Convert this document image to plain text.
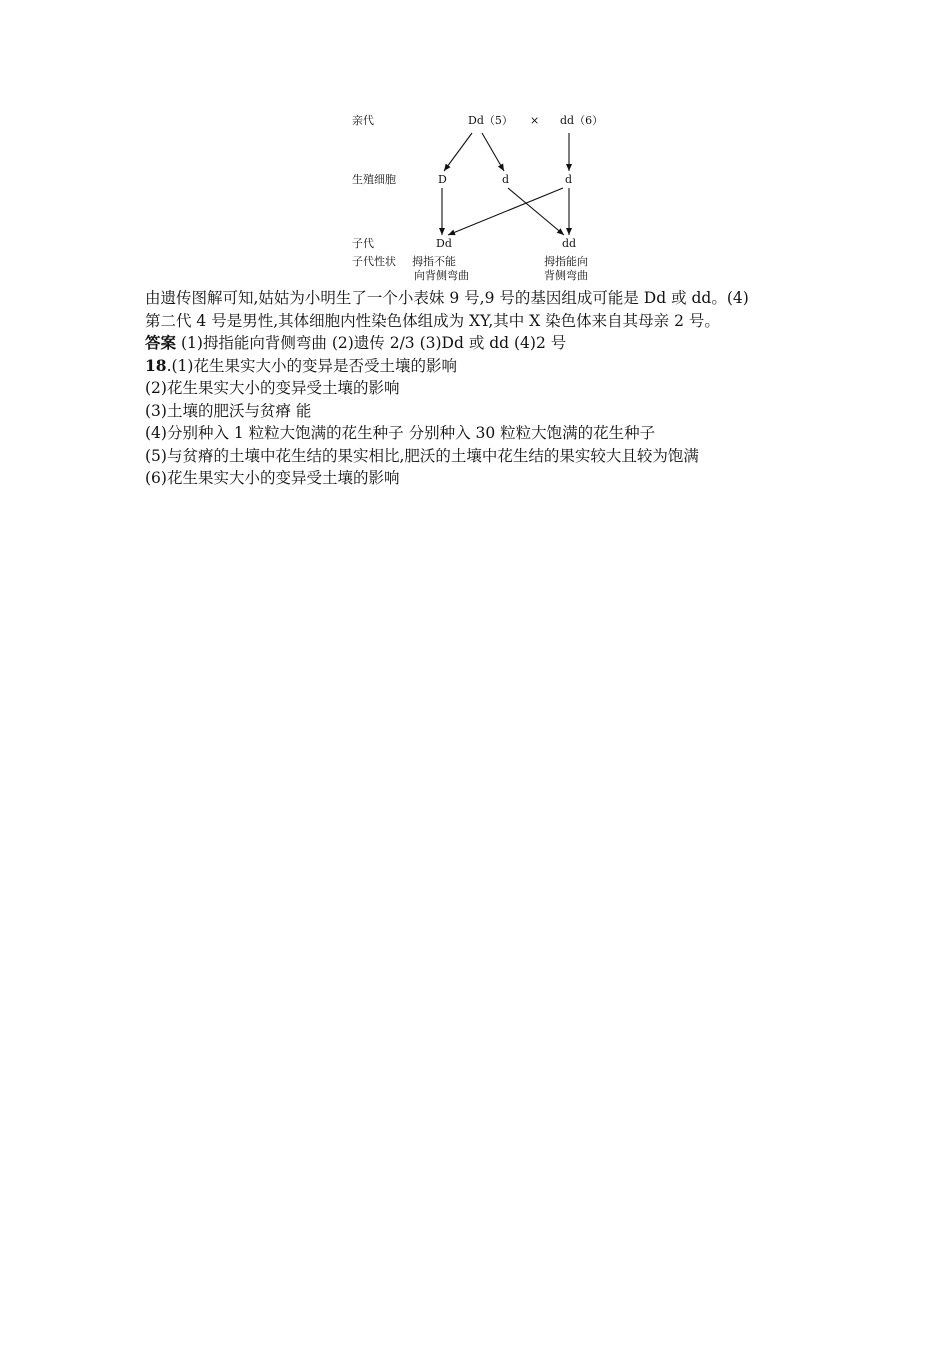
亲代	Dd（5） × dd（6）
生殖细胞	D	d	d
子代	Dd	dd
子代性状 拇指不能
向背侧弯曲
拇指能向
背侧弯曲

由遗传图解可知,姑姑为小明生了一个小表妹 9 号,9 号的基因组成可能是 Dd 或 dd。(4)

第二代 4 号是男性,其体细胞内性染色体组成为 XY,其中 X 染色体来自其母亲 2 号。

答案 (1)拇指能向背侧弯曲 (2)遗传 2/3 (3)Dd 或 dd (4)2 号

18.(1)花生果实大小的变异是否受土壤的影响

(2)花生果实大小的变异受土壤的影响

(3)土壤的肥沃与贫瘠 能

(4)分别种入 1 粒粒大饱满的花生种子 分别种入 30 粒粒大饱满的花生种子

(5)与贫瘠的土壤中花生结的果实相比,肥沃的土壤中花生结的果实较大且较为饱满

(6)花生果实大小的变异受土壤的影响
